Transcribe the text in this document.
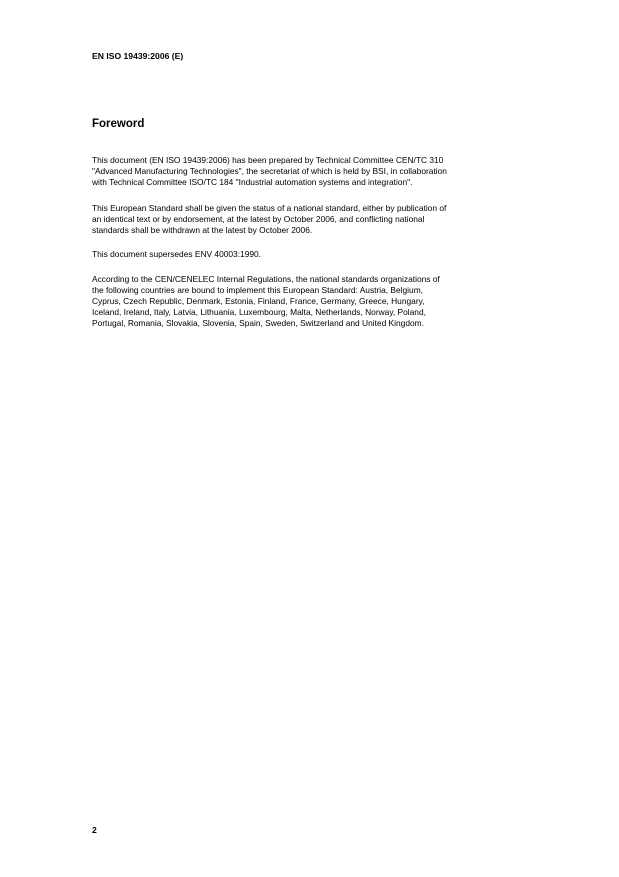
EN ISO 19439:2006 (E)
Foreword
This document (EN ISO 19439:2006) has been prepared by Technical Committee CEN/TC 310
"Advanced Manufacturing Technologies", the secretariat of which is held by BSI, in collaboration
with Technical Committee ISO/TC 184 "Industrial automation systems and integration".
This European Standard shall be given the status of a national standard, either by publication of
an identical text or by endorsement, at the latest by October 2006, and conflicting national
standards shall be withdrawn at the latest by October 2006.
This document supersedes ENV 40003:1990.
According to the CEN/CENELEC Internal Regulations, the national standards organizations of
the following countries are bound to implement this European Standard: Austria, Belgium,
Cyprus, Czech Republic, Denmark, Estonia, Finland, France, Germany, Greece, Hungary,
Iceland, Ireland, Italy, Latvia, Lithuania, Luxembourg, Malta, Netherlands, Norway, Poland,
Portugal, Romania, Slovakia, Slovenia, Spain, Sweden, Switzerland and United Kingdom.
2
